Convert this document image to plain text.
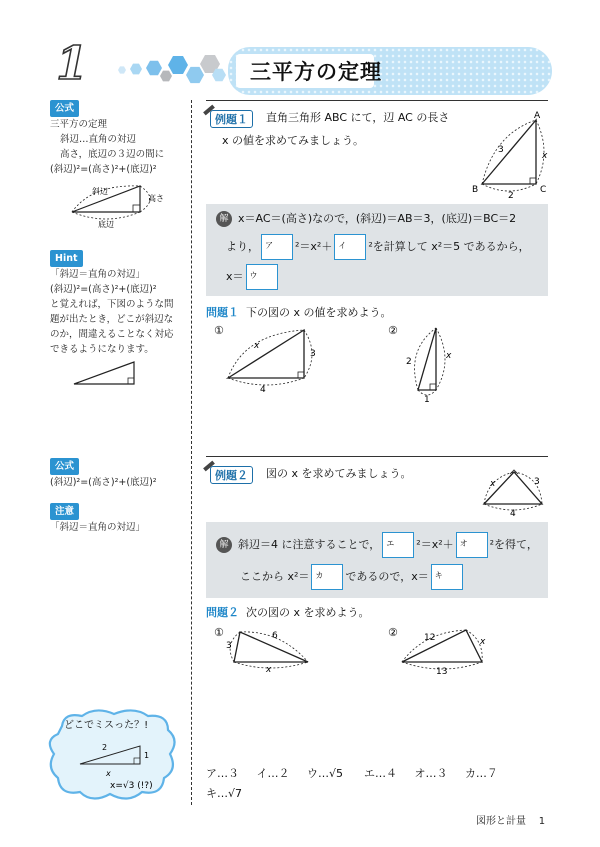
1	三平方の定理
公式
三平方の定理
斜辺…直角の対辺
高さ，底辺の３辺の間に
(斜辺)²=(高さ)²+(底辺)²
斜辺
高さ
底辺
Hint
「斜辺＝直角の対辺」
(斜辺)²=(高さ)²+(底辺)²
と覚えれば，下図のような問
題が出たとき，どこが斜辺な
のか，間違えることなく対応
できるようになります。
公式
(斜辺)²=(高さ)²+(底辺)²
注意
「斜辺＝直角の対辺」
どこでミスった？!
2
1
x
x=√3 (!?)
例題１	直角三角形 ABC にて，辺 AC の長さ
x の値を求めてみましょう。
A
B	C
3
2
x
解 x＝AC＝(高さ)なので，(斜辺)＝AB＝3，(底辺)＝BC＝2
より， ア ²＝x²＋ イ ²を計算して x²＝5 であるから，
x＝ ウ
問題１ 下の図の x の値を求めよう。
①
x
3
4
②
2
x
1
例題２	図の x を求めてみましょう。
x	3
4
解 斜辺＝4 に注意することで， エ ²＝x²＋ オ ²を得て，
ここから x²＝ カ であるので，x＝ キ
問題２ 次の図の x を求めよう。
①
3
6
x
②	12	x
13
ア…３ イ…２ ウ…√5 エ…４ オ…３ カ…７
キ…√7
図形と計量 1
